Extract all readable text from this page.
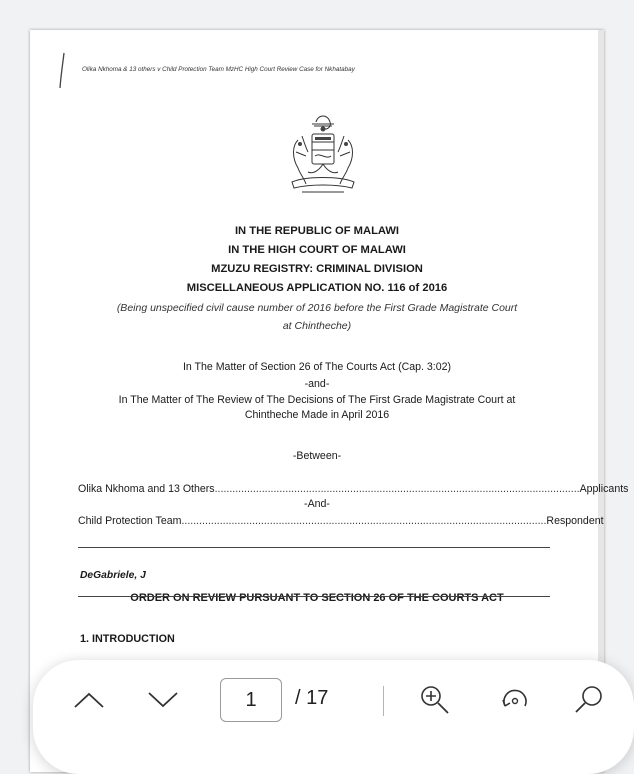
Olika Nkhoma & 13 others v Child Protection Team MzHC High Court Review Case for Nkhatabay
IN THE REPUBLIC OF MALAWI
IN THE HIGH COURT OF MALAWI
MZUZU REGISTRY: CRIMINAL DIVISION
MISCELLANEOUS APPLICATION NO. 116 of 2016
(Being unspecified civil cause number of 2016 before the First Grade Magistrate Court
at Chintheche)
In The Matter of Section 26 of The Courts Act (Cap. 3:02)
-and-
In The Matter of The Review of The Decisions of The First Grade Magistrate Court at
Chintheche Made in April 2016
-Between-
Olika Nkhoma and 13 Others ............................................................................................................................ Applicants
-And-
Child Protection Team ............................................................................................................................ Respondent
DeGabriele, J
ORDER ON REVIEW PURSUANT TO SECTION 26 OF THE COURTS ACT
1. INTRODUCTION
1	/ 17
